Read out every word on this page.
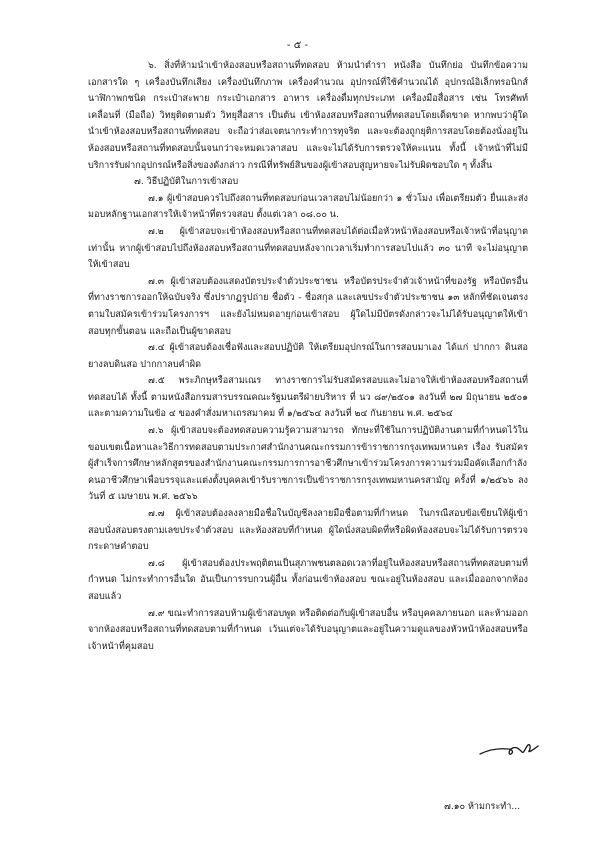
- ๕ -

๖. สิ่งที่ห้ามนำเข้าห้องสอบหรือสถานที่ทดสอบ ห้ามนำตำรา หนังสือ บันทึกย่อ บันทึกข้อความ เอกสารใด ๆ เครื่องบันทึกเสียง เครื่องบันทึกภาพ เครื่องคำนวณ อุปกรณ์ที่ใช้คำนวณได้ อุปกรณ์อิเล็กทรอนิกส์ นาฬิกาพกชนิด กระเป๋าสะพาย กระเป๋าเอกสาร อาหาร เครื่องดื่มทุกประเภท เครื่องมือสื่อสาร เช่น โทรศัพท์เคลื่อนที่ (มือถือ) วิทยุติดตามตัว วิทยุสื่อสาร เป็นต้น เข้าห้องสอบหรือสถานที่ทดสอบโดยเด็ดขาด หากพบว่าผู้ใดนำเข้าห้องสอบหรือสถานที่ทดสอบ จะถือว่าส่อเจตนากระทำการทุจริต และจะต้องถูกยุติการสอบโดยต้องนั่งอยู่ในห้องสอบหรือสถานที่ทดสอบนั้นจนกว่าจะหมดเวลาสอบ และจะไม่ได้รับการตรวจให้คะแนน ทั้งนี้ เจ้าหน้าที่ไม่มีบริการรับฝากอุปกรณ์หรือสิ่งของดังกล่าว กรณีที่ทรัพย์สินของผู้เข้าสอบสูญหายจะไม่รับผิดชอบใด ๆ ทั้งสิ้น

๗. วิธีปฏิบัติในการเข้าสอบ

๗.๑ ผู้เข้าสอบควรไปถึงสถานที่ทดสอบก่อนเวลาสอบไม่น้อยกว่า ๑ ชั่วโมง เพื่อเตรียมตัว ยื่นและส่งมอบหลักฐานเอกสารให้เจ้าหน้าที่ตรวจสอบ ตั้งแต่เวลา ๐๘.๐๐ น.

๗.๒ ผู้เข้าสอบจะเข้าห้องสอบหรือสถานที่ทดสอบได้ต่อเมื่อหัวหน้าห้องสอบหรือเจ้าหน้าที่อนุญาตเท่านั้น หากผู้เข้าสอบไปถึงห้องสอบหรือสถานที่ทดสอบหลังจากเวลาเริ่มทำการสอบไปแล้ว ๓๐ นาที จะไม่อนุญาตให้เข้าสอบ

๗.๓ ผู้เข้าสอบต้องแสดงบัตรประจำตัวประชาชน หรือบัตรประจำตัวเจ้าหน้าที่ของรัฐ หรือบัตรอื่นที่ทางราชการออกให้ฉบับจริง ซึ่งปรากฏรูปถ่าย ชื่อตัว - ชื่อสกุล และเลขประจำตัวประชาชน ๑๓ หลักที่ชัดเจนตรงตามใบสมัครเข้าร่วมโครงการฯ และยังไม่หมดอายุก่อนเข้าสอบ ผู้ใดไม่มีบัตรดังกล่าวจะไม่ได้รับอนุญาตให้เข้าสอบทุกขั้นตอน และถือเป็นผู้ขาดสอบ

๗.๔ ผู้เข้าสอบต้องเชื่อฟังและสอบปฏิบัติ ให้เตรียมอุปกรณ์ในการสอบมาเอง ได้แก่ ปากกา ดินสอ ยางลบดินสอ ปากกาลบคำผิด

๗.๕ พระภิกษุหรือสามเณร ทางราชการไม่รับสมัครสอบและไม่อาจให้เข้าห้องสอบหรือสถานที่ทดสอบได้ ทั้งนี้ ตามหนังสือกรมสารบรรณคณะรัฐมนตรีฝ่ายบริหาร ที่ นว ๘๙/๒๕๐๑ ลงวันที่ ๒๗ มิถุนายน ๒๕๐๑ และตามความในข้อ ๔ ของคำสั่งมหาเถรสมาคม ที่ ๑/๒๕๖๔ ลงวันที่ ๒๔ กันยายน พ.ศ. ๒๕๖๔

๗.๖ ผู้เข้าสอบจะต้องทดสอบความรู้ความสามารถ ทักษะที่ใช้ในการปฏิบัติงานตามที่กำหนดไว้ในขอบเขตเนื้อหาและวิธีการทดสอบตามประกาศสำนักงานคณะกรรมการข้าราชการกรุงเทพมหานคร เรื่อง รับสมัครผู้สำเร็จการศึกษาหลักสูตรของสำนักงานคณะกรรมการการอาชีวศึกษาเข้าร่วมโครงการความร่วมมือคัดเลือกกำลังคนอาชีวศึกษาเพื่อบรรจุและแต่งตั้งบุคคลเข้ารับราชการเป็นข้าราชการกรุงเทพมหานครสามัญ ครั้งที่ ๑/๒๕๖๖ ลงวันที่ ๕ เมษายน พ.ศ. ๒๕๖๖

๗.๗ ผู้เข้าสอบต้องลงลายมือชื่อในบัญชีลงลายมือชื่อตามที่กำหนด ในกรณีสอบข้อเขียนให้ผู้เข้าสอบนั่งสอบตรงตามเลขประจำตัวสอบ และห้องสอบที่กำหนด ผู้ใดนั่งสอบผิดที่หรือผิดห้องสอบจะไม่ได้รับการตรวจกระดาษคำตอบ

๗.๘ ผู้เข้าสอบต้องประพฤติตนเป็นสุภาพชนตลอดเวลาที่อยู่ในห้องสอบหรือสถานที่ทดสอบตามที่กำหนด ไม่กระทำการอื่นใด อันเป็นการรบกวนผู้อื่น ทั้งก่อนเข้าห้องสอบ ขณะอยู่ในห้องสอบ และเมื่อออกจากห้องสอบแล้ว

๗.๙ ขณะทำการสอบห้ามผู้เข้าสอบพูด หรือติดต่อกับผู้เข้าสอบอื่น หรือบุคคลภายนอก และห้ามออกจากห้องสอบหรือสถานที่ทดสอบตามที่กำหนด เว้นแต่จะได้รับอนุญาตและอยู่ในความดูแลของหัวหน้าห้องสอบหรือเจ้าหน้าที่คุมสอบ

๗.๑๐ ห้ามกระทำ...
